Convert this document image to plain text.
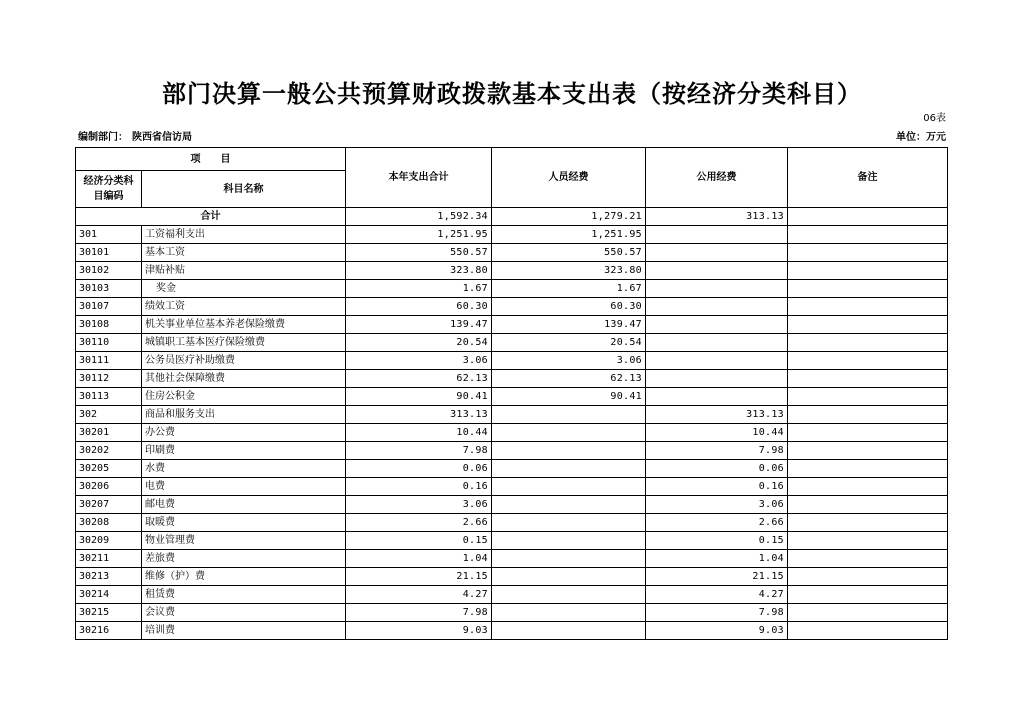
部门决算一般公共预算财政拨款基本支出表（按经济分类科目）
06表
编制部门： 陕西省信访局	单位：万元
项　　目		本年支出合计	人员经费	公用经费	备注
经济分类科目编码	科目名称				
合计		1,592.34	1,279.21	313.13	
301	工资福利支出	1,251.95	1,251.95		
30101	基本工资	550.57	550.57		
30102	津贴补贴	323.80	323.80		
30103	奖金	1.67	1.67		
30107	绩效工资	60.30	60.30		
30108	机关事业单位基本养老保险缴费	139.47	139.47		
30110	城镇职工基本医疗保险缴费	20.54	20.54		
30111	公务员医疗补助缴费	3.06	3.06		
30112	其他社会保障缴费	62.13	62.13		
30113	住房公积金	90.41	90.41		
302	商品和服务支出	313.13		313.13	
30201	办公费	10.44		10.44	
30202	印刷费	7.98		7.98	
30205	水费	0.06		0.06	
30206	电费	0.16		0.16	
30207	邮电费	3.06		3.06	
30208	取暖费	2.66		2.66	
30209	物业管理费	0.15		0.15	
30211	差旅费	1.04		1.04	
30213	维修（护）费	21.15		21.15	
30214	租赁费	4.27		4.27	
30215	会议费	7.98		7.98	
30216	培训费	9.03		9.03	
